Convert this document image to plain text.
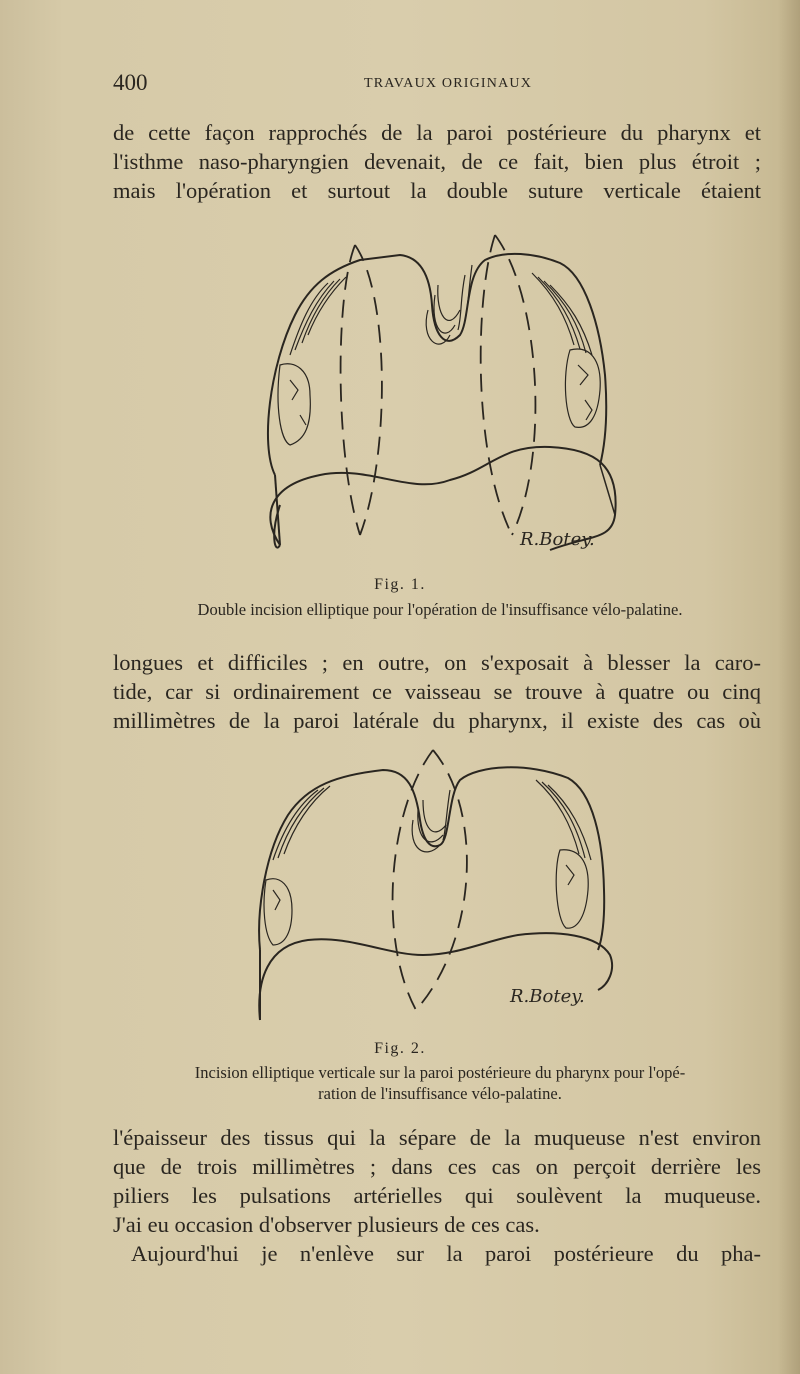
400	TRAVAUX ORIGINAUX
de cette façon rapprochés de la paroi postérieure du pharynx et
l'isthme naso-pharyngien devenait, de ce fait, bien plus étroit ;
mais l'opération et surtout la double suture verticale étaient
R.Botey.
Fig. 1.
Double incision elliptique pour l'opération de l'insuffisance vélo-palatine.
longues et difficiles ; en outre, on s'exposait à blesser la caro-
tide, car si ordinairement ce vaisseau se trouve à quatre ou cinq
millimètres de la paroi latérale du pharynx, il existe des cas où
R.Botey.
Fig. 2.
Incision elliptique verticale sur la paroi postérieure du pharynx pour l'opé-
ration de l'insuffisance vélo-palatine.
l'épaisseur des tissus qui la sépare de la muqueuse n'est environ
que de trois millimètres ; dans ces cas on perçoit derrière les
piliers les pulsations artérielles qui soulèvent la muqueuse.
J'ai eu occasion d'observer plusieurs de ces cas.
Aujourd'hui je n'enlève sur la paroi postérieure du pha-
